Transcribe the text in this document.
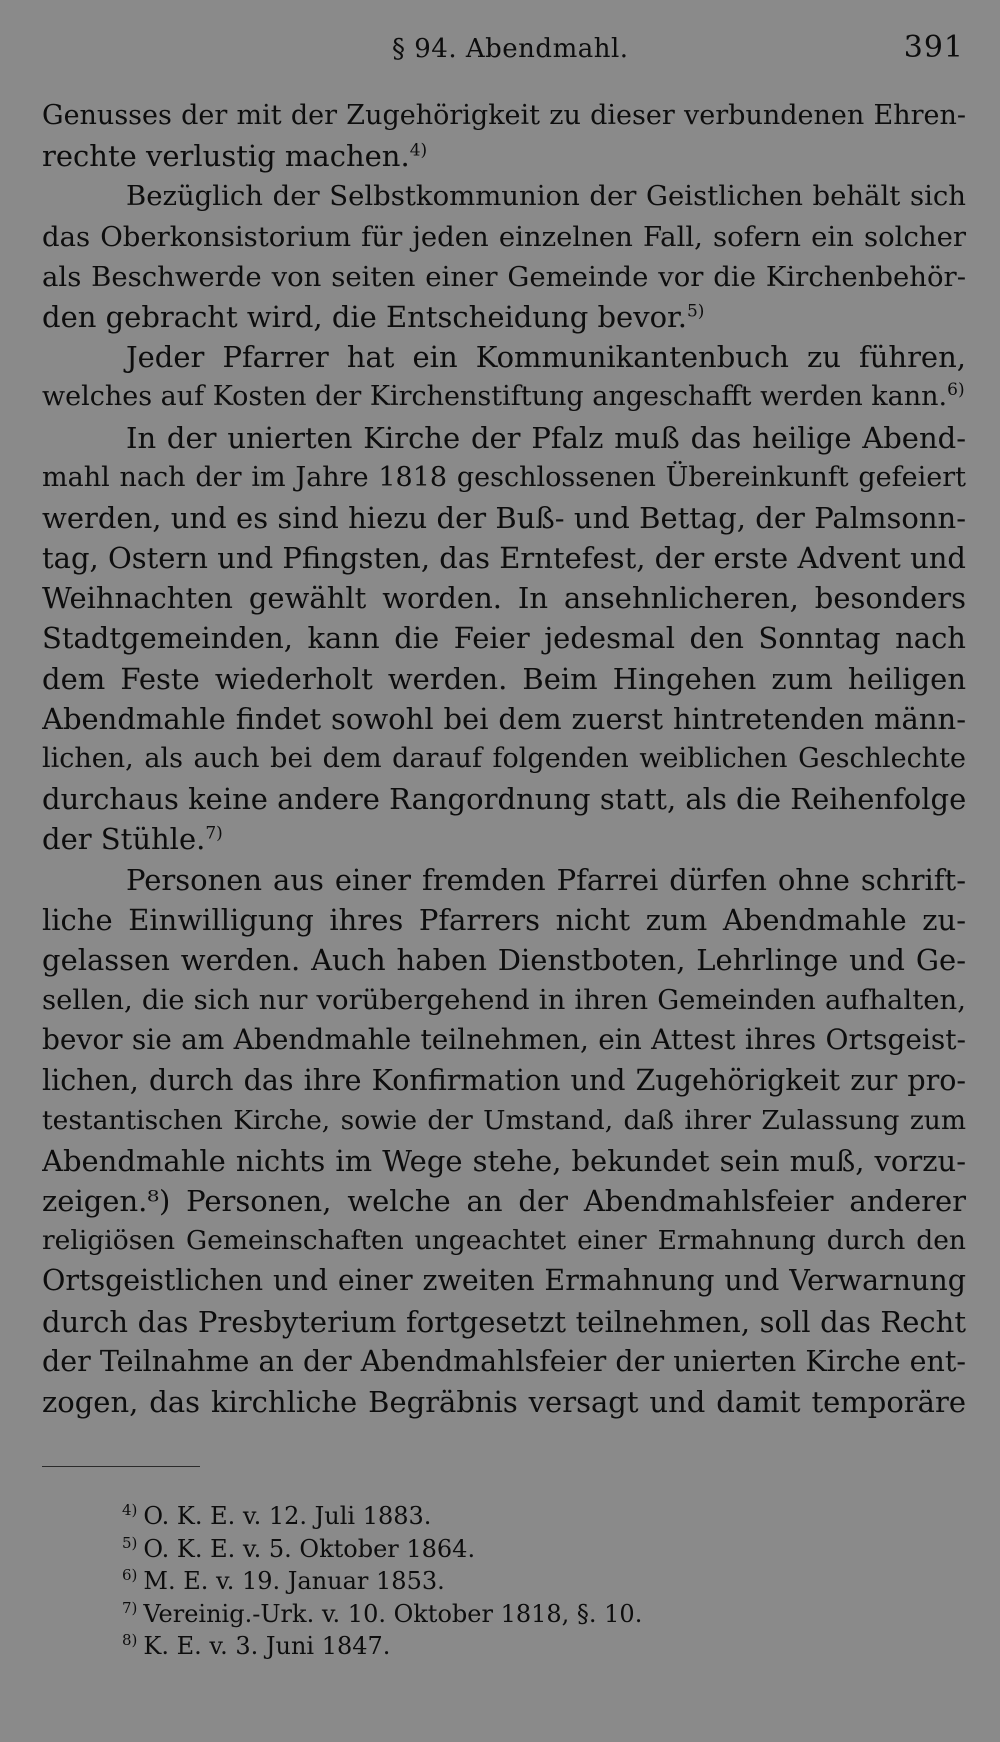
§ 94. Abendmahl.	391
Genusses der mit der Zugehörigkeit zu dieser verbundenen Ehren-
rechte verlustig machen.$^{4)}$
Bezüglich der Selbstkommunion der Geistlichen behält sich
das Oberkonsistorium für jeden einzelnen Fall, sofern ein solcher
als Beschwerde von seiten einer Gemeinde vor die Kirchenbehör-
den gebracht wird, die Entscheidung bevor.$^{5)}$
Jeder Pfarrer hat ein Kommunikantenbuch zu führen,
welches auf Kosten der Kirchenstiftung angeschafft werden kann.$^{6)}$
In der unierten Kirche der Pfalz muß das heilige Abend-
mahl nach der im Jahre 1818 geschlossenen Übereinkunft gefeiert
werden, und es sind hiezu der Buß- und Bettag, der Palmsonn-
tag, Ostern und Pfingsten, das Erntefest, der erste Advent und
Weihnachten gewählt worden. In ansehnlicheren, besonders
Stadtgemeinden, kann die Feier jedesmal den Sonntag nach
dem Feste wiederholt werden. Beim Hingehen zum heiligen
Abendmahle findet sowohl bei dem zuerst hintretenden männ-
lichen, als auch bei dem darauf folgenden weiblichen Geschlechte
durchaus keine andere Rangordnung statt, als die Reihenfolge
der Stühle.$^{7)}$
Personen aus einer fremden Pfarrei dürfen ohne schrift-
liche Einwilligung ihres Pfarrers nicht zum Abendmahle zu-
gelassen werden. Auch haben Dienstboten, Lehrlinge und Ge-
sellen, die sich nur vorübergehend in ihren Gemeinden aufhalten,
bevor sie am Abendmahle teilnehmen, ein Attest ihres Ortsgeist-
lichen, durch das ihre Konfirmation und Zugehörigkeit zur pro-
testantischen Kirche, sowie der Umstand, daß ihrer Zulassung zum
Abendmahle nichts im Wege stehe, bekundet sein muß, vorzu-
zeigen.⁸) Personen, welche an der Abendmahlsfeier anderer
religiösen Gemeinschaften ungeachtet einer Ermahnung durch den
Ortsgeistlichen und einer zweiten Ermahnung und Verwarnung
durch das Presbyterium fortgesetzt teilnehmen, soll das Recht
der Teilnahme an der Abendmahlsfeier der unierten Kirche ent-
zogen, das kirchliche Begräbnis versagt und damit temporäre
$^{4)}$ O. K. E. v. 12. Juli 1883.
$^{5)}$ O. K. E. v. 5. Oktober 1864.
$^{6)}$ M. E. v. 19. Januar 1853.
$^{7)}$ Vereinig.-Urk. v. 10. Oktober 1818, §. 10.
$^{8)}$ K. E. v. 3. Juni 1847.
